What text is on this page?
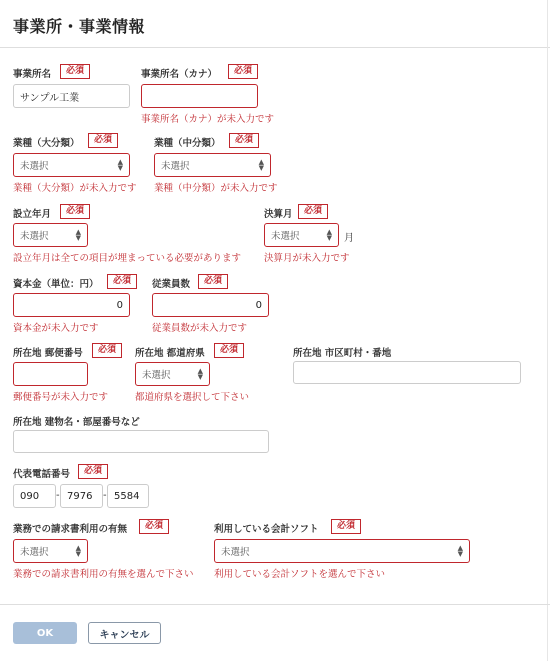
事業所・事業情報
事業所名	必須
サンプル工業
事業所名（カナ）	必須
事業所名（カナ）が未入力です
業種（大分類）	必須
未選択	▲
▼
業種（大分類）が未入力です
業種（中分類）	必須
未選択	▲
▼
業種（中分類）が未入力です
設立年月	必須
未選択	▲
▼
設立年月は全ての項目が埋まっている必要があります
決算月	必須
未選択	▲
▼ 月
決算月が未入力です
資本金（単位：円）	必須
0
資本金が未入力です
従業員数	必須
0
従業員数が未入力です
所在地 郵便番号	必須
郵便番号が未入力です
所在地 都道府県	必須
未選択	▲
▼
都道府県を選択して下さい
所在地 市区町村・番地
所在地 建物名・部屋番号など
代表電話番号	必須
090 - 7976 - 5584
業務での請求書利用の有無	必須
未選択	▲
▼
業務での請求書利用の有無を選んで下さい
利用している会計ソフト	必須
未選択	▲
▼
利用している会計ソフトを選んで下さい
OK	キャンセル
